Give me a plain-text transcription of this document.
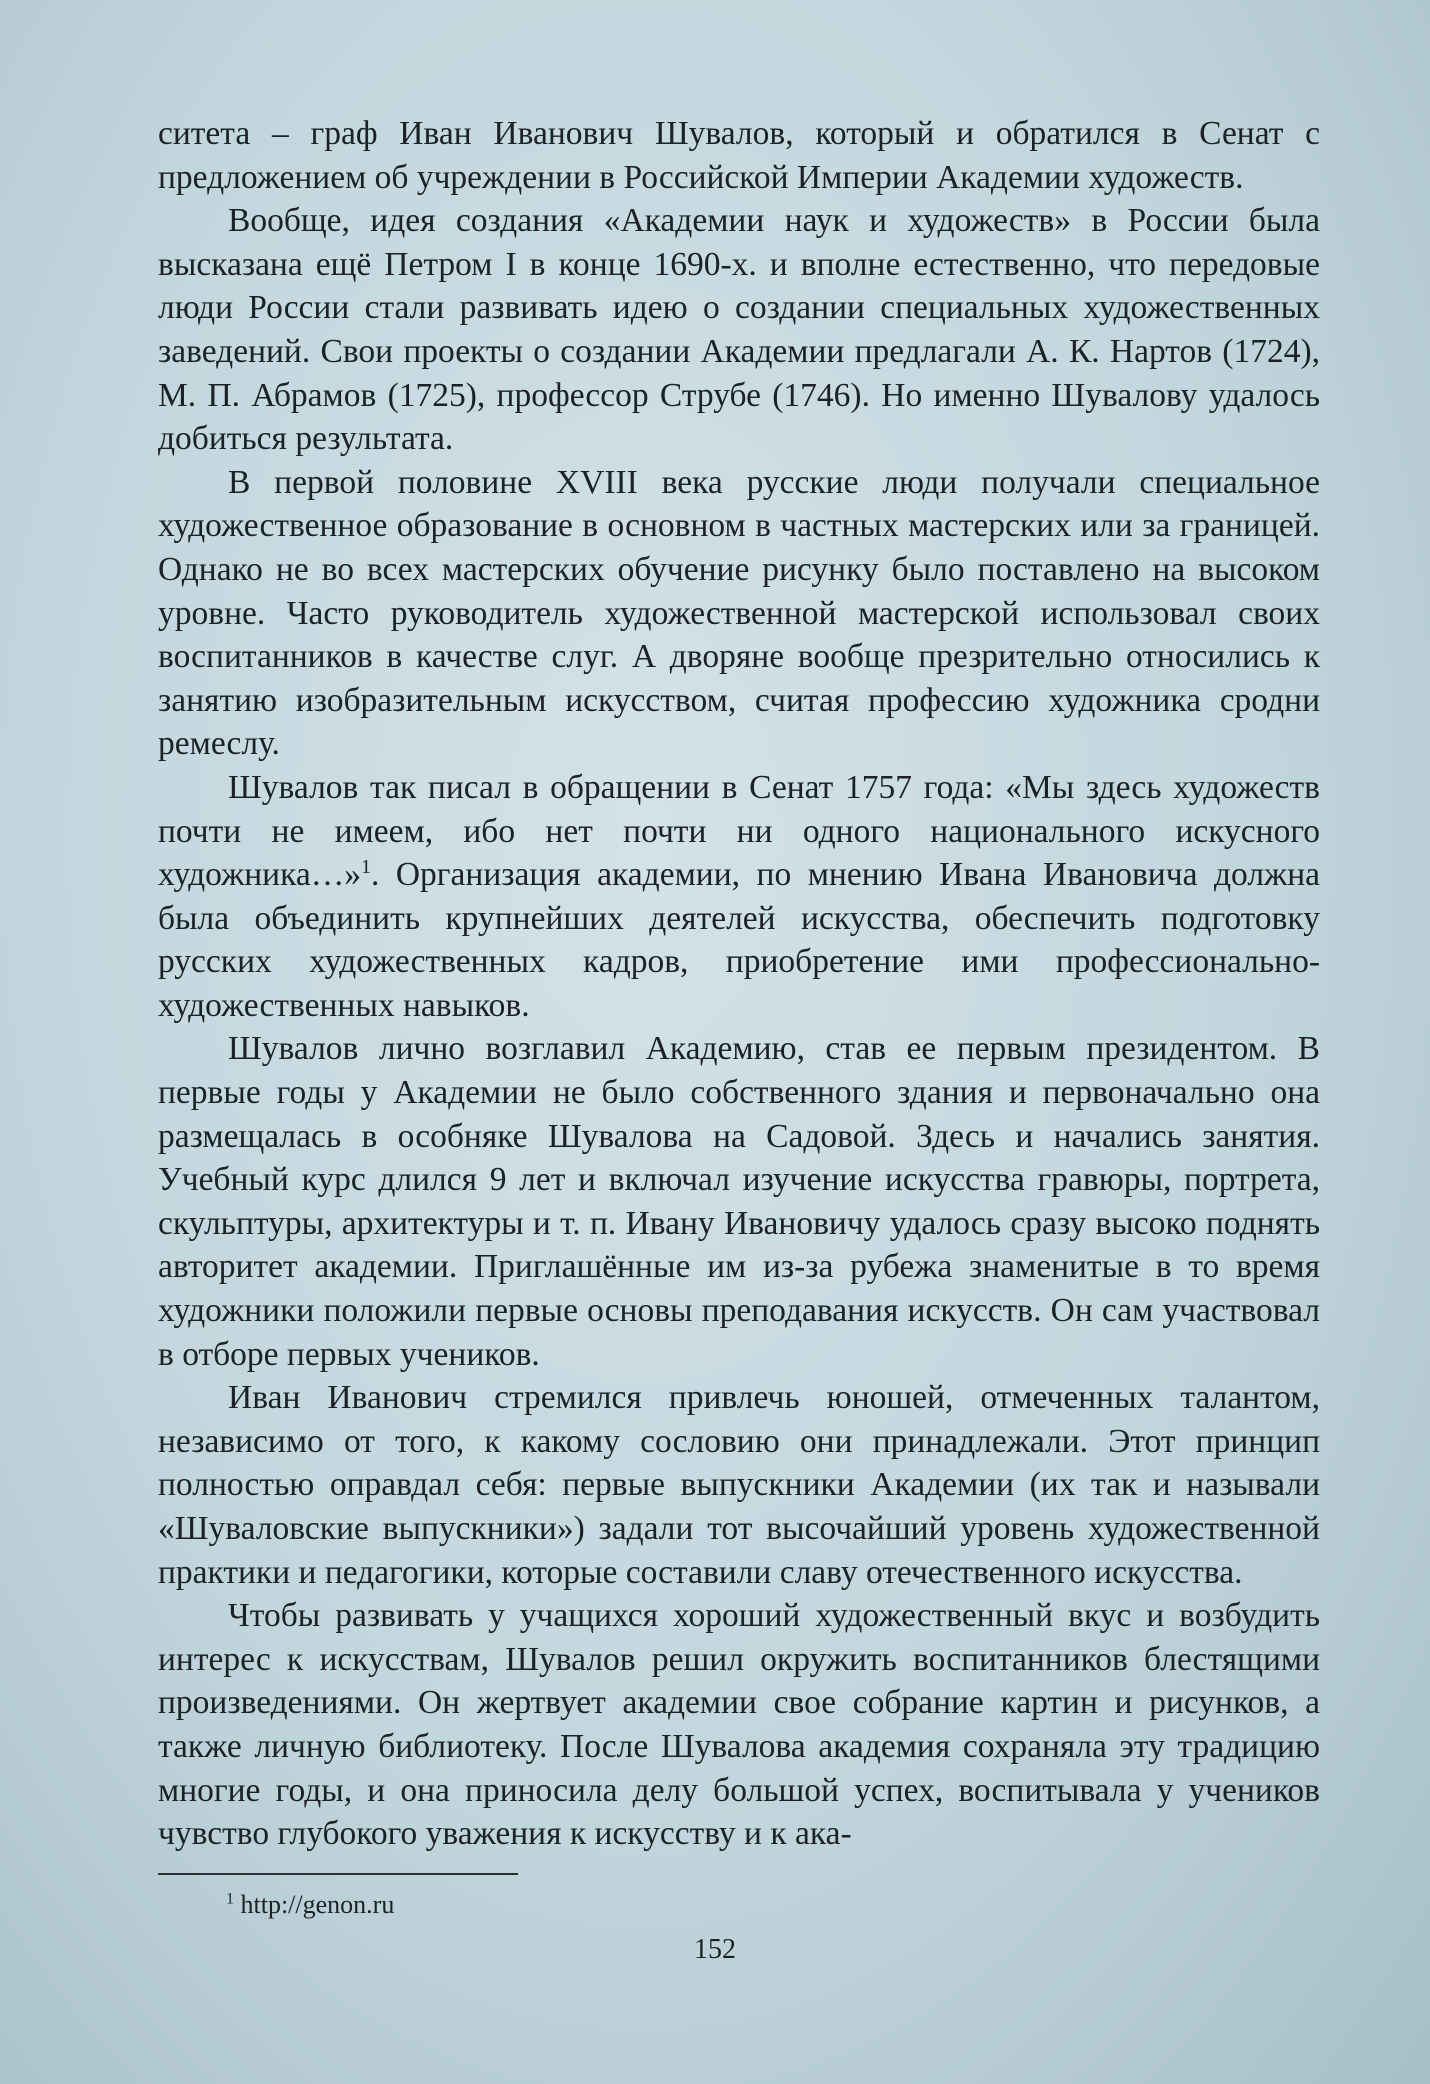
ситета – граф Иван Иванович Шувалов, который и обратился в Сенат с предложением об учреждении в Российской Империи Академии художеств.

Вообще, идея создания «Академии наук и художеств» в России была высказана ещё Петром I в конце 1690-х. и вполне естественно, что передовые люди России стали развивать идею о создании специальных художественных заведений. Свои проекты о создании Академии предлагали А. К. Нартов (1724), М. П. Абрамов (1725), профессор Струбе (1746). Но именно Шувалову удалось добиться результата.

В первой половине XVIII века русские люди получали специальное художественное образование в основном в частных мастерских или за границей. Однако не во всех мастерских обучение рисунку было поставлено на высоком уровне. Часто руководитель художественной мастерской использовал своих воспитанников в качестве слуг. А дворяне вообще презрительно относились к занятию изобразительным искусством, считая профессию художника сродни ремеслу.

Шувалов так писал в обращении в Сенат 1757 года: «Мы здесь художеств почти не имеем, ибо нет почти ни одного национального искусного художника…»$^1$. Организация академии, по мнению Ивана Ивановича должна была объединить крупнейших деятелей искусства, обеспечить подготовку русских художественных кадров, приобретение ими профессионально-художественных навыков.

Шувалов лично возглавил Академию, став ее первым президентом. В первые годы у Академии не было собственного здания и первоначально она размещалась в особняке Шувалова на Садовой. Здесь и начались занятия. Учебный курс длился 9 лет и включал изучение искусства гравюры, портрета, скульптуры, архитектуры и т. п. Ивану Ивановичу удалось сразу высоко поднять авторитет академии. Приглашённые им из-за рубежа знаменитые в то время художники положили первые основы преподавания искусств. Он сам участвовал в отборе первых учеников.

Иван Иванович стремился привлечь юношей, отмеченных талантом, независимо от того, к какому сословию они принадлежали. Этот принцип полностью оправдал себя: первые выпускники Академии (их так и называли «Шуваловские выпускники») задали тот высочайший уровень художественной практики и педагогики, которые составили славу отечественного искусства.

Чтобы развивать у учащихся хороший художественный вкус и возбудить интерес к искусствам, Шувалов решил окружить воспитанников блестящими произведениями. Он жертвует академии свое собрание картин и рисунков, а также личную библиотеку. После Шувалова академия сохраняла эту традицию многие годы, и она приносила делу большой успех, воспитывала у учеников чувство глубокого уважения к искусству и к ака-

$^1$ http://genon.ru
152
